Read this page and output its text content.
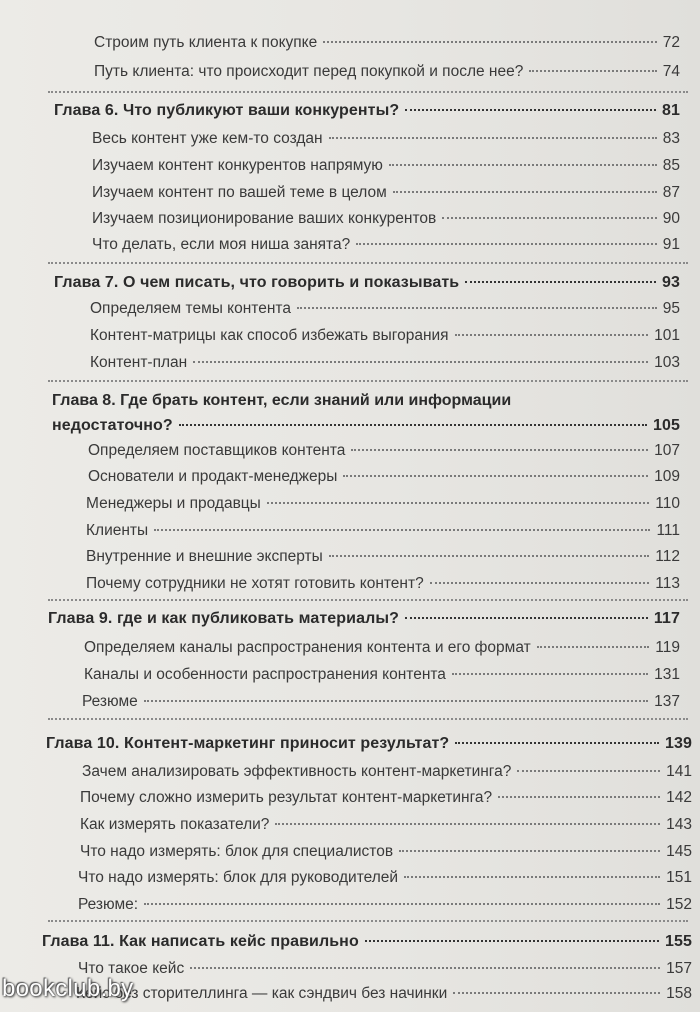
Строим путь клиента к покупке	72
Путь клиента: что происходит перед покупкой и после нее?	74
Глава 6. Что публикуют ваши конкуренты?	81
Весь контент уже кем-то создан	83
Изучаем контент конкурентов напрямую	85
Изучаем контент по вашей теме в целом	87
Изучаем позиционирование ваших конкурентов	90
Что делать, если моя ниша занята?	91
Глава 7. О чем писать, что говорить и показывать	93
Определяем темы контента	95
Контент-матрицы как способ избежать выгорания	101
Контент-план	103
Глава 8. Где брать контент, если знаний или информации
недостаточно?	105
Определяем поставщиков контента	107
Основатели и продакт-менеджеры	109
Менеджеры и продавцы	110
Клиенты	111
Внутренние и внешние эксперты	112
Почему сотрудники не хотят готовить контент?	113
Глава 9. где и как публиковать материалы?	117
Определяем каналы распространения контента и его формат	119
Каналы и особенности распространения контента	131
Резюме	137
Глава 10. Контент-маркетинг приносит результат?	139
Зачем анализировать эффективность контент-маркетинга?	141
Почему сложно измерить результат контент-маркетинга?	142
Как измерять показатели?	143
Что надо измерять: блок для специалистов	145
Что надо измерять: блок для руководителей	151
Резюме:	152
Глава 11. Как написать кейс правильно	155
Что такое кейс	157
Кейс без сторителлинга — как сэндвич без начинки	158
bookclub.by
